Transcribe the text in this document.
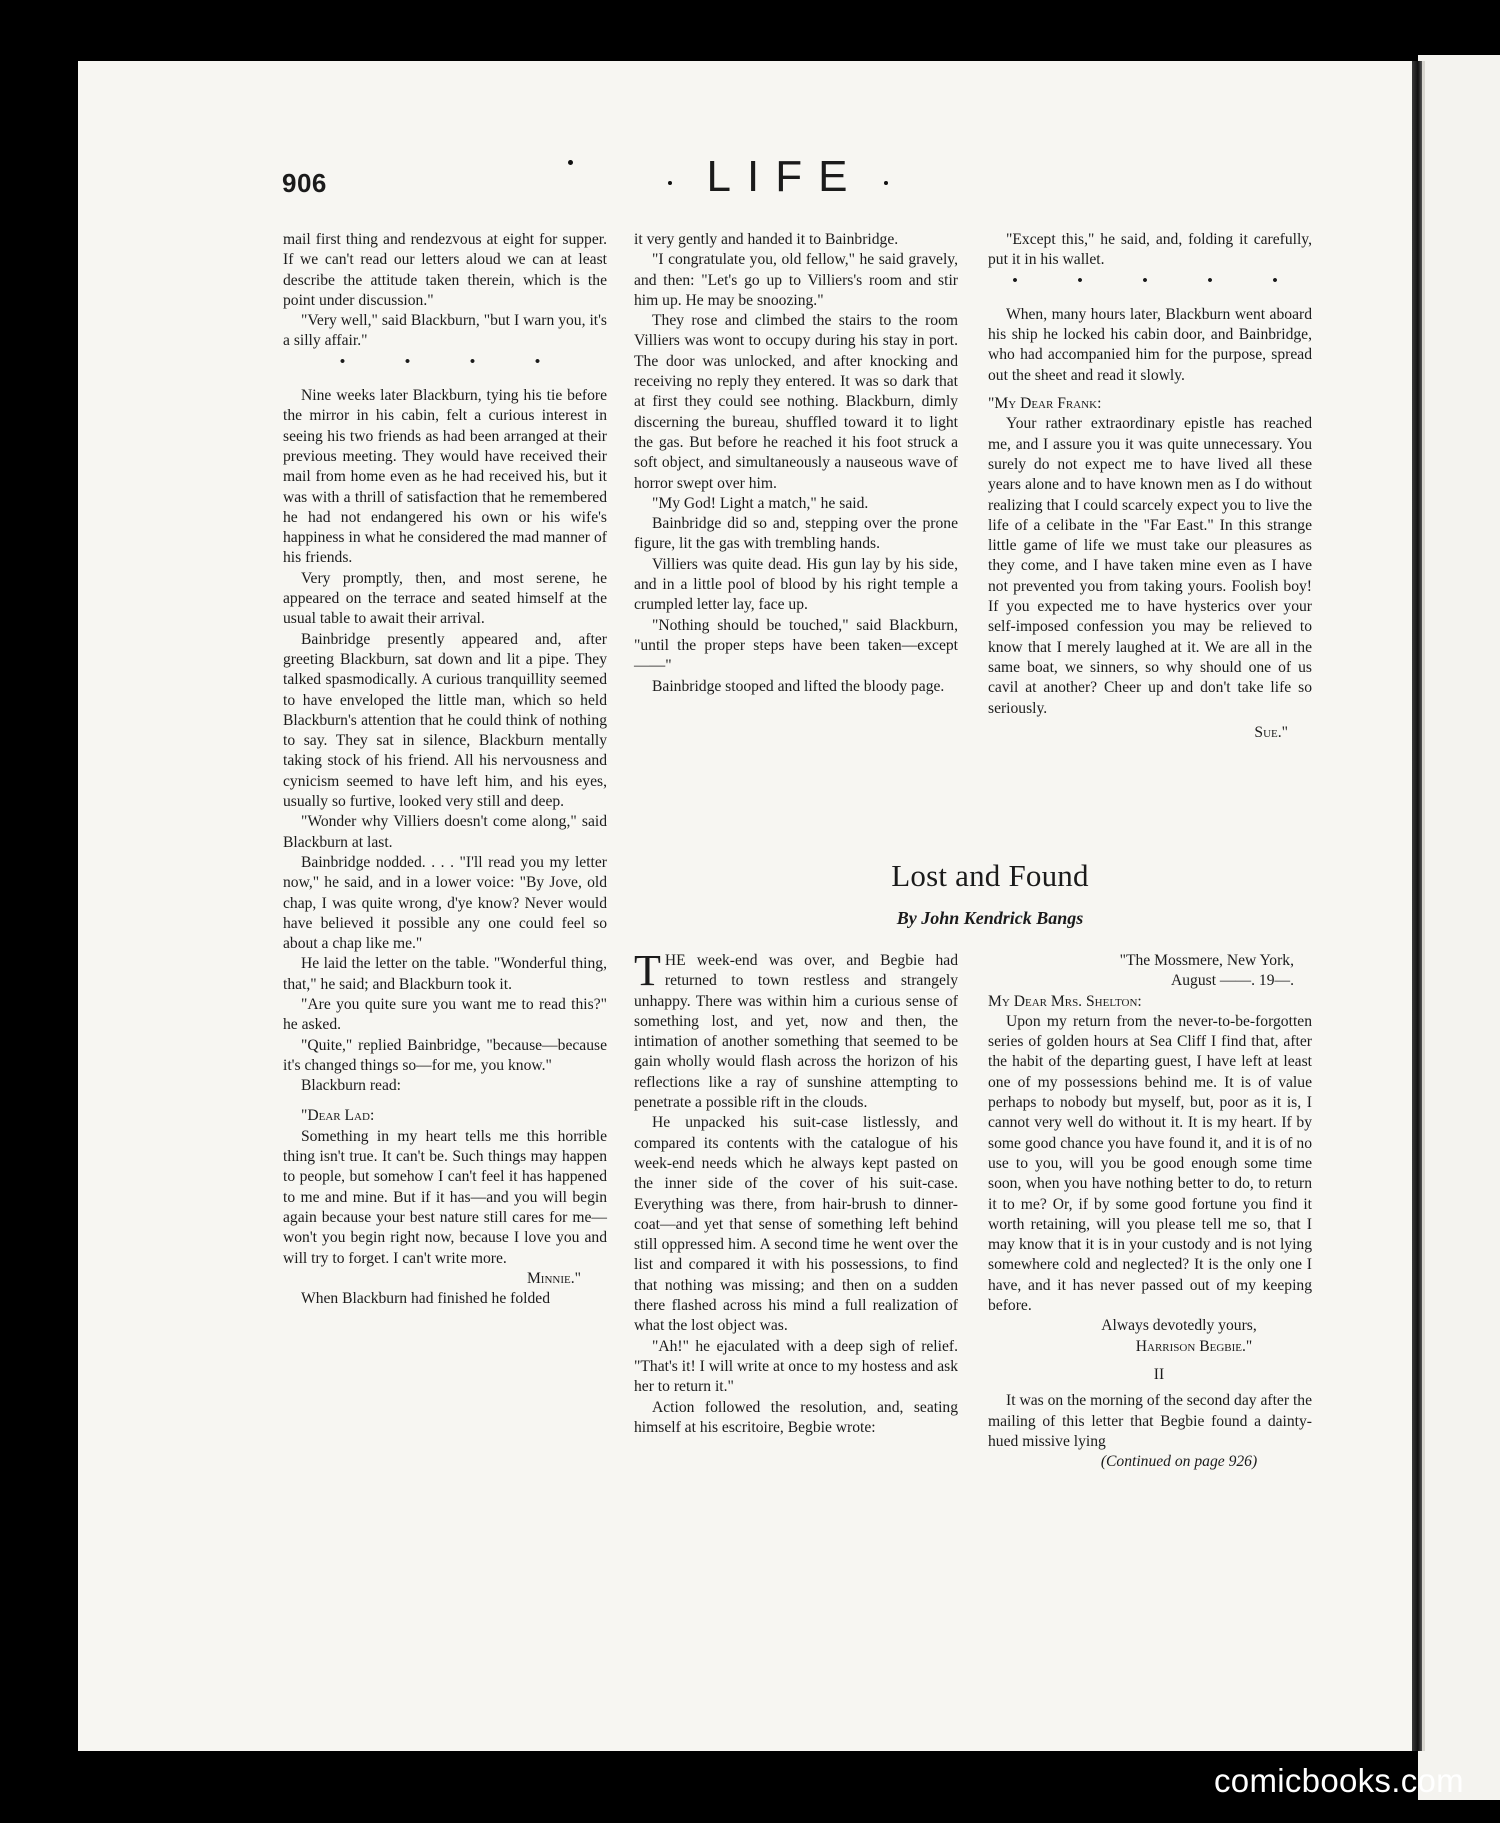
906	LIFE

mail first thing and rendezvous at eight for supper. If we can't read our letters aloud we can at least describe the attitude taken therein, which is the point under discussion."

"Very well," said Blackburn, "but I warn you, it's a silly affair."

• • • •

Nine weeks later Blackburn, tying his tie before the mirror in his cabin, felt a curious interest in seeing his two friends as had been arranged at their previous meeting. They would have received their mail from home even as he had received his, but it was with a thrill of satisfaction that he remembered he had not endangered his own or his wife's happiness in what he considered the mad manner of his friends.

Very promptly, then, and most serene, he appeared on the terrace and seated himself at the usual table to await their arrival.

Bainbridge presently appeared and, after greeting Blackburn, sat down and lit a pipe. They talked spasmodically. A curious tranquillity seemed to have enveloped the little man, which so held Blackburn's attention that he could think of nothing to say. They sat in silence, Blackburn mentally taking stock of his friend. All his nervousness and cynicism seemed to have left him, and his eyes, usually so furtive, looked very still and deep.

"Wonder why Villiers doesn't come along," said Blackburn at last.

Bainbridge nodded. . . . "I'll read you my letter now," he said, and in a lower voice: "By Jove, old chap, I was quite wrong, d'ye know? Never would have believed it possible any one could feel so about a chap like me."

He laid the letter on the table. "Wonderful thing, that," he said; and Blackburn took it.

"Are you quite sure you want me to read this?" he asked.

"Quite," replied Bainbridge, "because—because it's changed things so—for me, you know."

Blackburn read:

"Dear Lad:

Something in my heart tells me this horrible thing isn't true. It can't be. Such things may happen to people, but somehow I can't feel it has happened to me and mine. But if it has—and you will begin again because your best nature still cares for me—won't you begin right now, because I love you and will try to forget. I can't write more.

Minnie."

When Blackburn had finished he folded

it very gently and handed it to Bainbridge.

"I congratulate you, old fellow," he said gravely, and then: "Let's go up to Villiers's room and stir him up. He may be snoozing."

They rose and climbed the stairs to the room Villiers was wont to occupy during his stay in port. The door was unlocked, and after knocking and receiving no reply they entered. It was so dark that at first they could see nothing. Blackburn, dimly discerning the bureau, shuffled toward it to light the gas. But before he reached it his foot struck a soft object, and simultaneously a nauseous wave of horror swept over him.

"My God! Light a match," he said.

Bainbridge did so and, stepping over the prone figure, lit the gas with trembling hands.

Villiers was quite dead. His gun lay by his side, and in a little pool of blood by his right temple a crumpled letter lay, face up.

"Nothing should be touched," said Blackburn, "until the proper steps have been taken—except——"

Bainbridge stooped and lifted the bloody page.

"Except this," he said, and, folding it carefully, put it in his wallet.

• • • • •

When, many hours later, Blackburn went aboard his ship he locked his cabin door, and Bainbridge, who had accompanied him for the purpose, spread out the sheet and read it slowly.

"My Dear Frank:

Your rather extraordinary epistle has reached me, and I assure you it was quite unnecessary. You surely do not expect me to have lived all these years alone and to have known men as I do without realizing that I could scarcely expect you to live the life of a celibate in the "Far East." In this strange little game of life we must take our pleasures as they come, and I have taken mine even as I have not prevented you from taking yours. Foolish boy! If you expected me to have hysterics over your self-imposed confession you may be relieved to know that I merely laughed at it. We are all in the same boat, we sinners, so why should one of us cavil at another? Cheer up and don't take life so seriously.

Sue."

Lost and Found
By John Kendrick Bangs

THE week-end was over, and Begbie had returned to town restless and strangely unhappy. There was within him a curious sense of something lost, and yet, now and then, the intimation of another something that seemed to be gain wholly would flash across the horizon of his reflections like a ray of sunshine attempting to penetrate a possible rift in the clouds.

He unpacked his suit-case listlessly, and compared its contents with the catalogue of his week-end needs which he always kept pasted on the inner side of the cover of his suit-case. Everything was there, from hair-brush to dinner-coat—and yet that sense of something left behind still oppressed him. A second time he went over the list and compared it with his possessions, to find that nothing was missing; and then on a sudden there flashed across his mind a full realization of what the lost object was.

"Ah!" he ejaculated with a deep sigh of relief. "That's it! I will write at once to my hostess and ask her to return it."

Action followed the resolution, and, seating himself at his escritoire, Begbie wrote:

"The Mossmere, New York,

August ——. 19—.

My Dear Mrs. Shelton:

Upon my return from the never-to-be-forgotten series of golden hours at Sea Cliff I find that, after the habit of the departing guest, I have left at least one of my possessions behind me. It is of value perhaps to nobody but myself, but, poor as it is, I cannot very well do without it. It is my heart. If by some good chance you have found it, and it is of no use to you, will you be good enough some time soon, when you have nothing better to do, to return it to me? Or, if by some good fortune you find it worth retaining, will you please tell me so, that I may know that it is in your custody and is not lying somewhere cold and neglected? It is the only one I have, and it has never passed out of my keeping before.

Always devotedly yours,

Harrison Begbie."

II

It was on the morning of the second day after the mailing of this letter that Begbie found a dainty-hued missive lying

(Continued on page 926)

comicbooks.com
